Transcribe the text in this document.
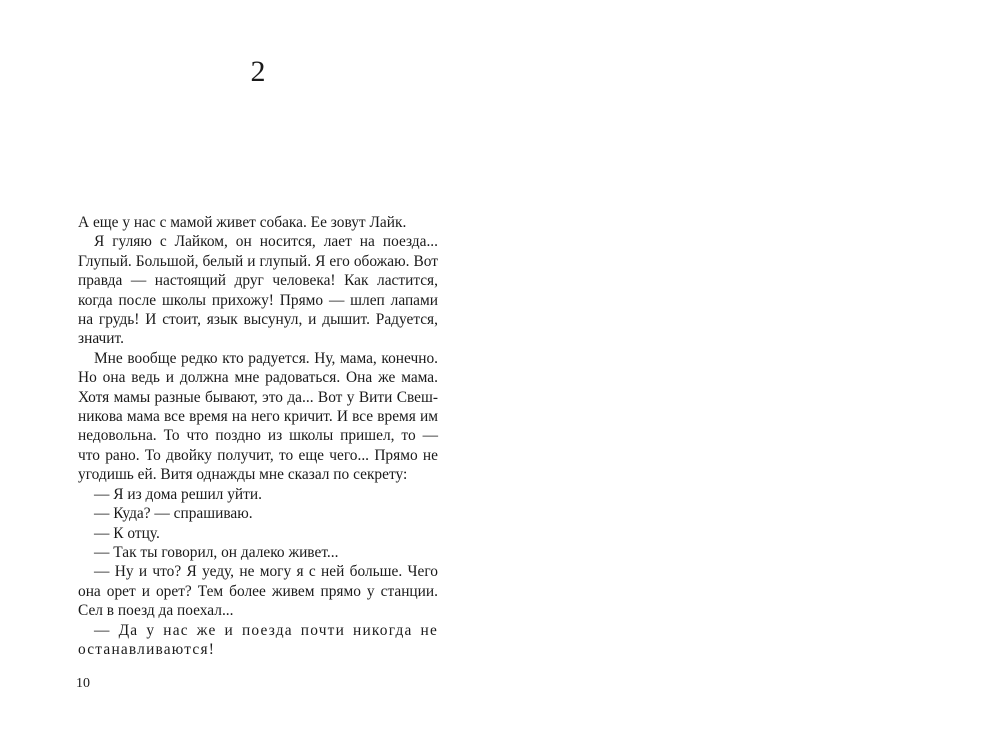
2

А еще у нас с мамой живет собака. Ее зовут Лайк.

Я гуляю с Лайком, он носится, лает на поезда... Глупый. Большой, белый и глупый. Я его обожаю. Вот правда — настоящий друг человека! Как ластится, когда после школы прихожу! Прямо — шлеп лапами на грудь! И стоит, язык высунул, и дышит. Радуется, значит.

Мне вообще редко кто радуется. Ну, мама, конечно. Но она ведь и должна мне радоваться. Она же мама. Хотя мамы разные бывают, это да... Вот у Вити Свешникова мама все время на него кричит. И все время им недовольна. То что поздно из школы пришел, то — что рано. То двойку получит, то еще чего... Прямо не угодишь ей. Витя однажды мне сказал по секрету:

— Я из дома решил уйти.

— Куда? — спрашиваю.

— К отцу.

— Так ты говорил, он далеко живет...

— Ну и что? Я уеду, не могу я с ней больше. Чего она орет и орет? Тем более живем прямо у станции. Сел в поезд да поехал...

— Да у нас же и поезда почти никогда не останавливаются!

10
